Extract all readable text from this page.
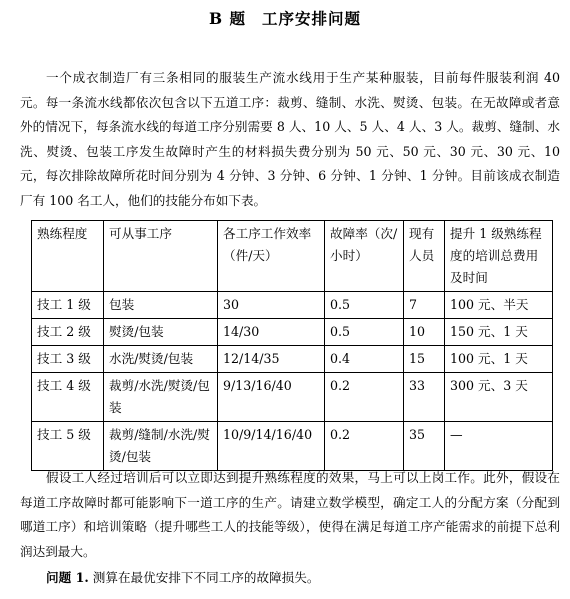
B 题 工序安排问题

一个成衣制造厂有三条相同的服装生产流水线用于生产某种服装，目前每件服装利润 40 元。每一条流水线都依次包含以下五道工序：裁剪、缝制、水洗、熨烫、包装。在无故障或者意外的情况下，每条流水线的每道工序分别需要 8 人、10 人、5 人、4 人、3 人。裁剪、缝制、水洗、熨烫、包装工序发生故障时产生的材料损失费分别为 50 元、50 元、30 元、30 元、10 元，每次排除故障所花时间分别为 4 分钟、3 分钟、6 分钟、1 分钟、1 分钟。目前该成衣制造厂有 100 名工人，他们的技能分布如下表。

熟练程度	可从事工序	各工序工作效率（件/天）	故障率（次/小时）	现有人员	提升 1 级熟练程度的培训总费用及时间
技工 1 级	包装	30	0.5	7	100 元、半天
技工 2 级	熨烫/包装	14/30	0.5	10	150 元、1 天
技工 3 级	水洗/熨烫/包装	12/14/35	0.4	15	100 元、1 天
技工 4 级	裁剪/水洗/熨烫/包装	9/13/16/40	0.2	33	300 元、3 天
技工 5 级	裁剪/缝制/水洗/熨烫/包装	10/9/14/16/40	0.2	35	—

假设工人经过培训后可以立即达到提升熟练程度的效果，马上可以上岗工作。此外，假设在每道工序故障时都可能影响下一道工序的生产。请建立数学模型，确定工人的分配方案（分配到哪道工序）和培训策略（提升哪些工人的技能等级），使得在满足每道工序产能需求的前提下总利润达到最大。

问题 1. 测算在最优安排下不同工序的故障损失。
